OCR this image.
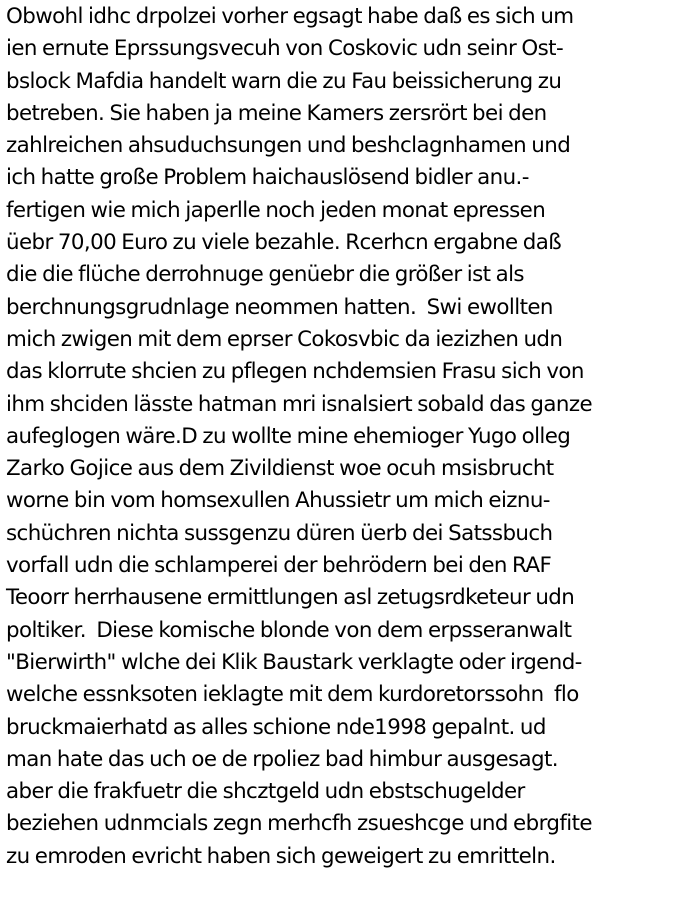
Obwohl idhc drpolzei vorher egsagt habe daß es sich um
ien ernute Eprssungsvecuh von Coskovic udn seinr Ost-
bslock Mafdia handelt warn die zu Fau beissicherung zu
betreben. Sie haben ja meine Kamers zersrört bei den
zahlreichen ahsuduchsungen und beshclagnhamen und
ich hatte große Problem haichauslösend bidler anu.-
fertigen wie mich japerlle noch jeden monat epressen
üebr 70,00 Euro zu viele bezahle. Rcerhcn ergabne daß
die die flüche derrohnuge genüebr die größer ist als
berchnungsgrudnlage neommen hatten.  Swi ewollten
mich zwigen mit dem eprser Cokosvbic da iezizhen udn
das klorrute shcien zu pflegen nchdemsien Frasu sich von
ihm shciden lässte hatman mri isnalsiert sobald das ganze
aufeglogen wäre.D zu wollte mine ehemioger Yugo olleg
Zarko Gojice aus dem Zivildienst woe ocuh msisbrucht
worne bin vom homsexullen Ahussietr um mich eiznu-
schüchren nichta sussgenzu düren üerb dei Satssbuch
vorfall udn die schlamperei der behrödern bei den RAF
Teoorr herrhausene ermittlungen asl zetugsrdketeur udn
poltiker.  Diese komische blonde von dem erpsseranwalt
"Bierwirth" wlche dei Klik Baustark verklagte oder irgend-
welche essnksoten ieklagte mit dem kurdoretorssohn  flo
bruckmaierhatd as alles schione nde1998 gepalnt. ud
man hate das uch oe de rpoliez bad himbur ausgesagt.
aber die frakfuetr die shcztgeld udn ebstschugelder
beziehen udnmcials zegn merhcfh zsueshcge und ebrgfite
zu emroden evricht haben sich geweigert zu emritteln.
